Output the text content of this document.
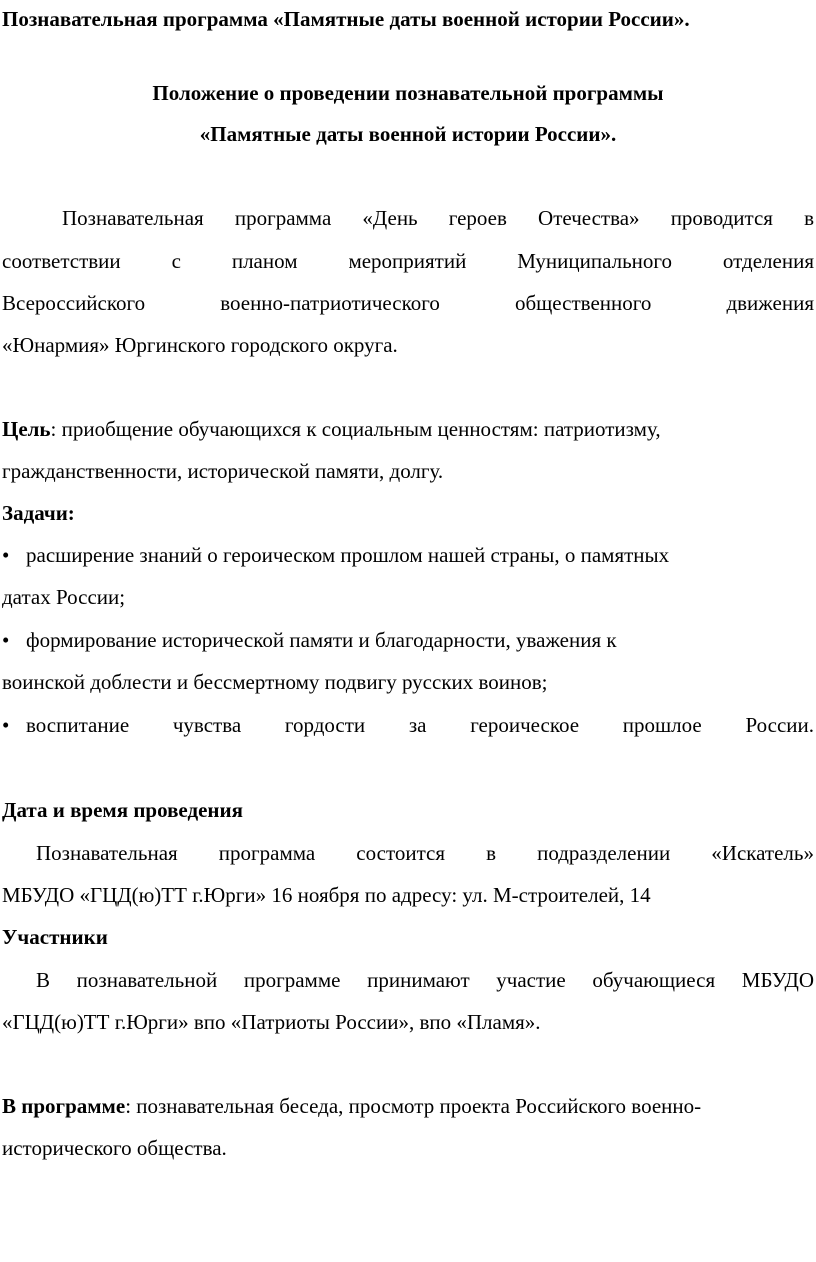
Познавательная программа «Памятные даты военной истории России».
Положение о проведении познавательной программы
«Памятные даты военной истории России».
Познавательная программа «День героев Отечества» проводится в
соответствии с планом мероприятий Муниципального отделения
Всероссийского военно-патриотического общественного движения
«Юнармия» Юргинского городского округа.
Цель: приобщение обучающихся к социальным ценностям: патриотизму,
гражданственности, исторической памяти, долгу.
Задачи:
• расширение знаний о героическом прошлом нашей страны, о памятных
датах России;
• формирование исторической памяти и благодарности, уважения к
воинской доблести и бессмертному подвигу русских воинов;
• воспитание чувства гордости за героическое прошлое России.
Дата и время проведения
Познавательная программа состоится в подразделении «Искатель»
МБУДО «ГЦД(ю)ТТ г.Юрги» 16 ноября по адресу: ул. М-строителей, 14
Участники
В познавательной программе принимают участие обучающиеся МБУДО
«ГЦД(ю)ТТ г.Юрги» впо «Патриоты России», впо «Пламя».
В программе: познавательная беседа, просмотр проекта Российского военно-
исторического общества.
